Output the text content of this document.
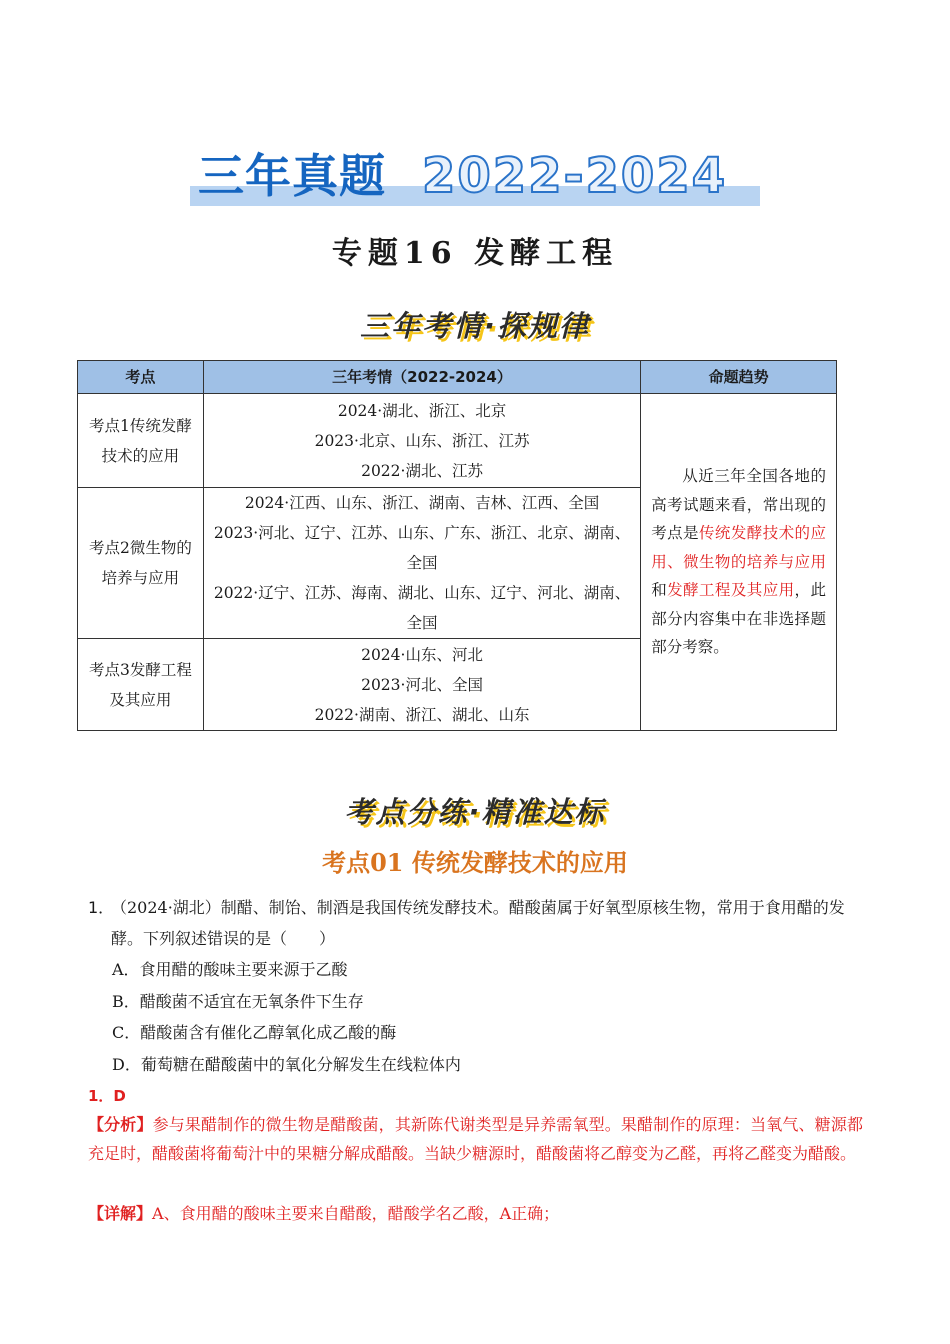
三年真题 2022-2024
专题16 发酵工程
三年考情·探规律
考点	三年考情（2022-2024）	命题趋势
考点1传统发酵技术的应用	2024·湖北、浙江、北京
2023·北京、山东、浙江、江苏
2022·湖北、江苏	从近三年全国各地的高考试题来看，常出现的考点是传统发酵技术的应用、微生物的培养与应用和发酵工程及其应用，此部分内容集中在非选择题部分考察。

考点2微生物的培养与应用	2024·江西、山东、浙江、湖南、吉林、江西、全国
2023·河北、辽宁、江苏、山东、广东、浙江、北京、湖南、全国
2022·辽宁、江苏、海南、湖北、山东、辽宁、河北、湖南、全国	

考点3发酵工程及其应用	2024·山东、河北
2023·河北、全国
2022·湖南、浙江、湖北、山东	
考点分练·精准达标
考点01 传统发酵技术的应用
1．
（2024·湖北）制醋、制饴、制酒是我国传统发酵技术。醋酸菌属于好氧型原核生物，常用于食用醋的发酵。下列叙述错误的是（　　）
A．食用醋的酸味主要来源于乙酸
B．醋酸菌不适宜在无氧条件下生存
C．醋酸菌含有催化乙醇氧化成乙酸的酶
D．葡萄糖在醋酸菌中的氧化分解发生在线粒体内
1．D
【分析】参与果醋制作的微生物是醋酸菌，其新陈代谢类型是异养需氧型。果醋制作的原理：当氧气、糖源都充足时，醋酸菌将葡萄汁中的果糖分解成醋酸。当缺少糖源时，醋酸菌将乙醇变为乙醛，再将乙醛变为醋酸。
【详解】A、食用醋的酸味主要来自醋酸，醋酸学名乙酸，A正确；
